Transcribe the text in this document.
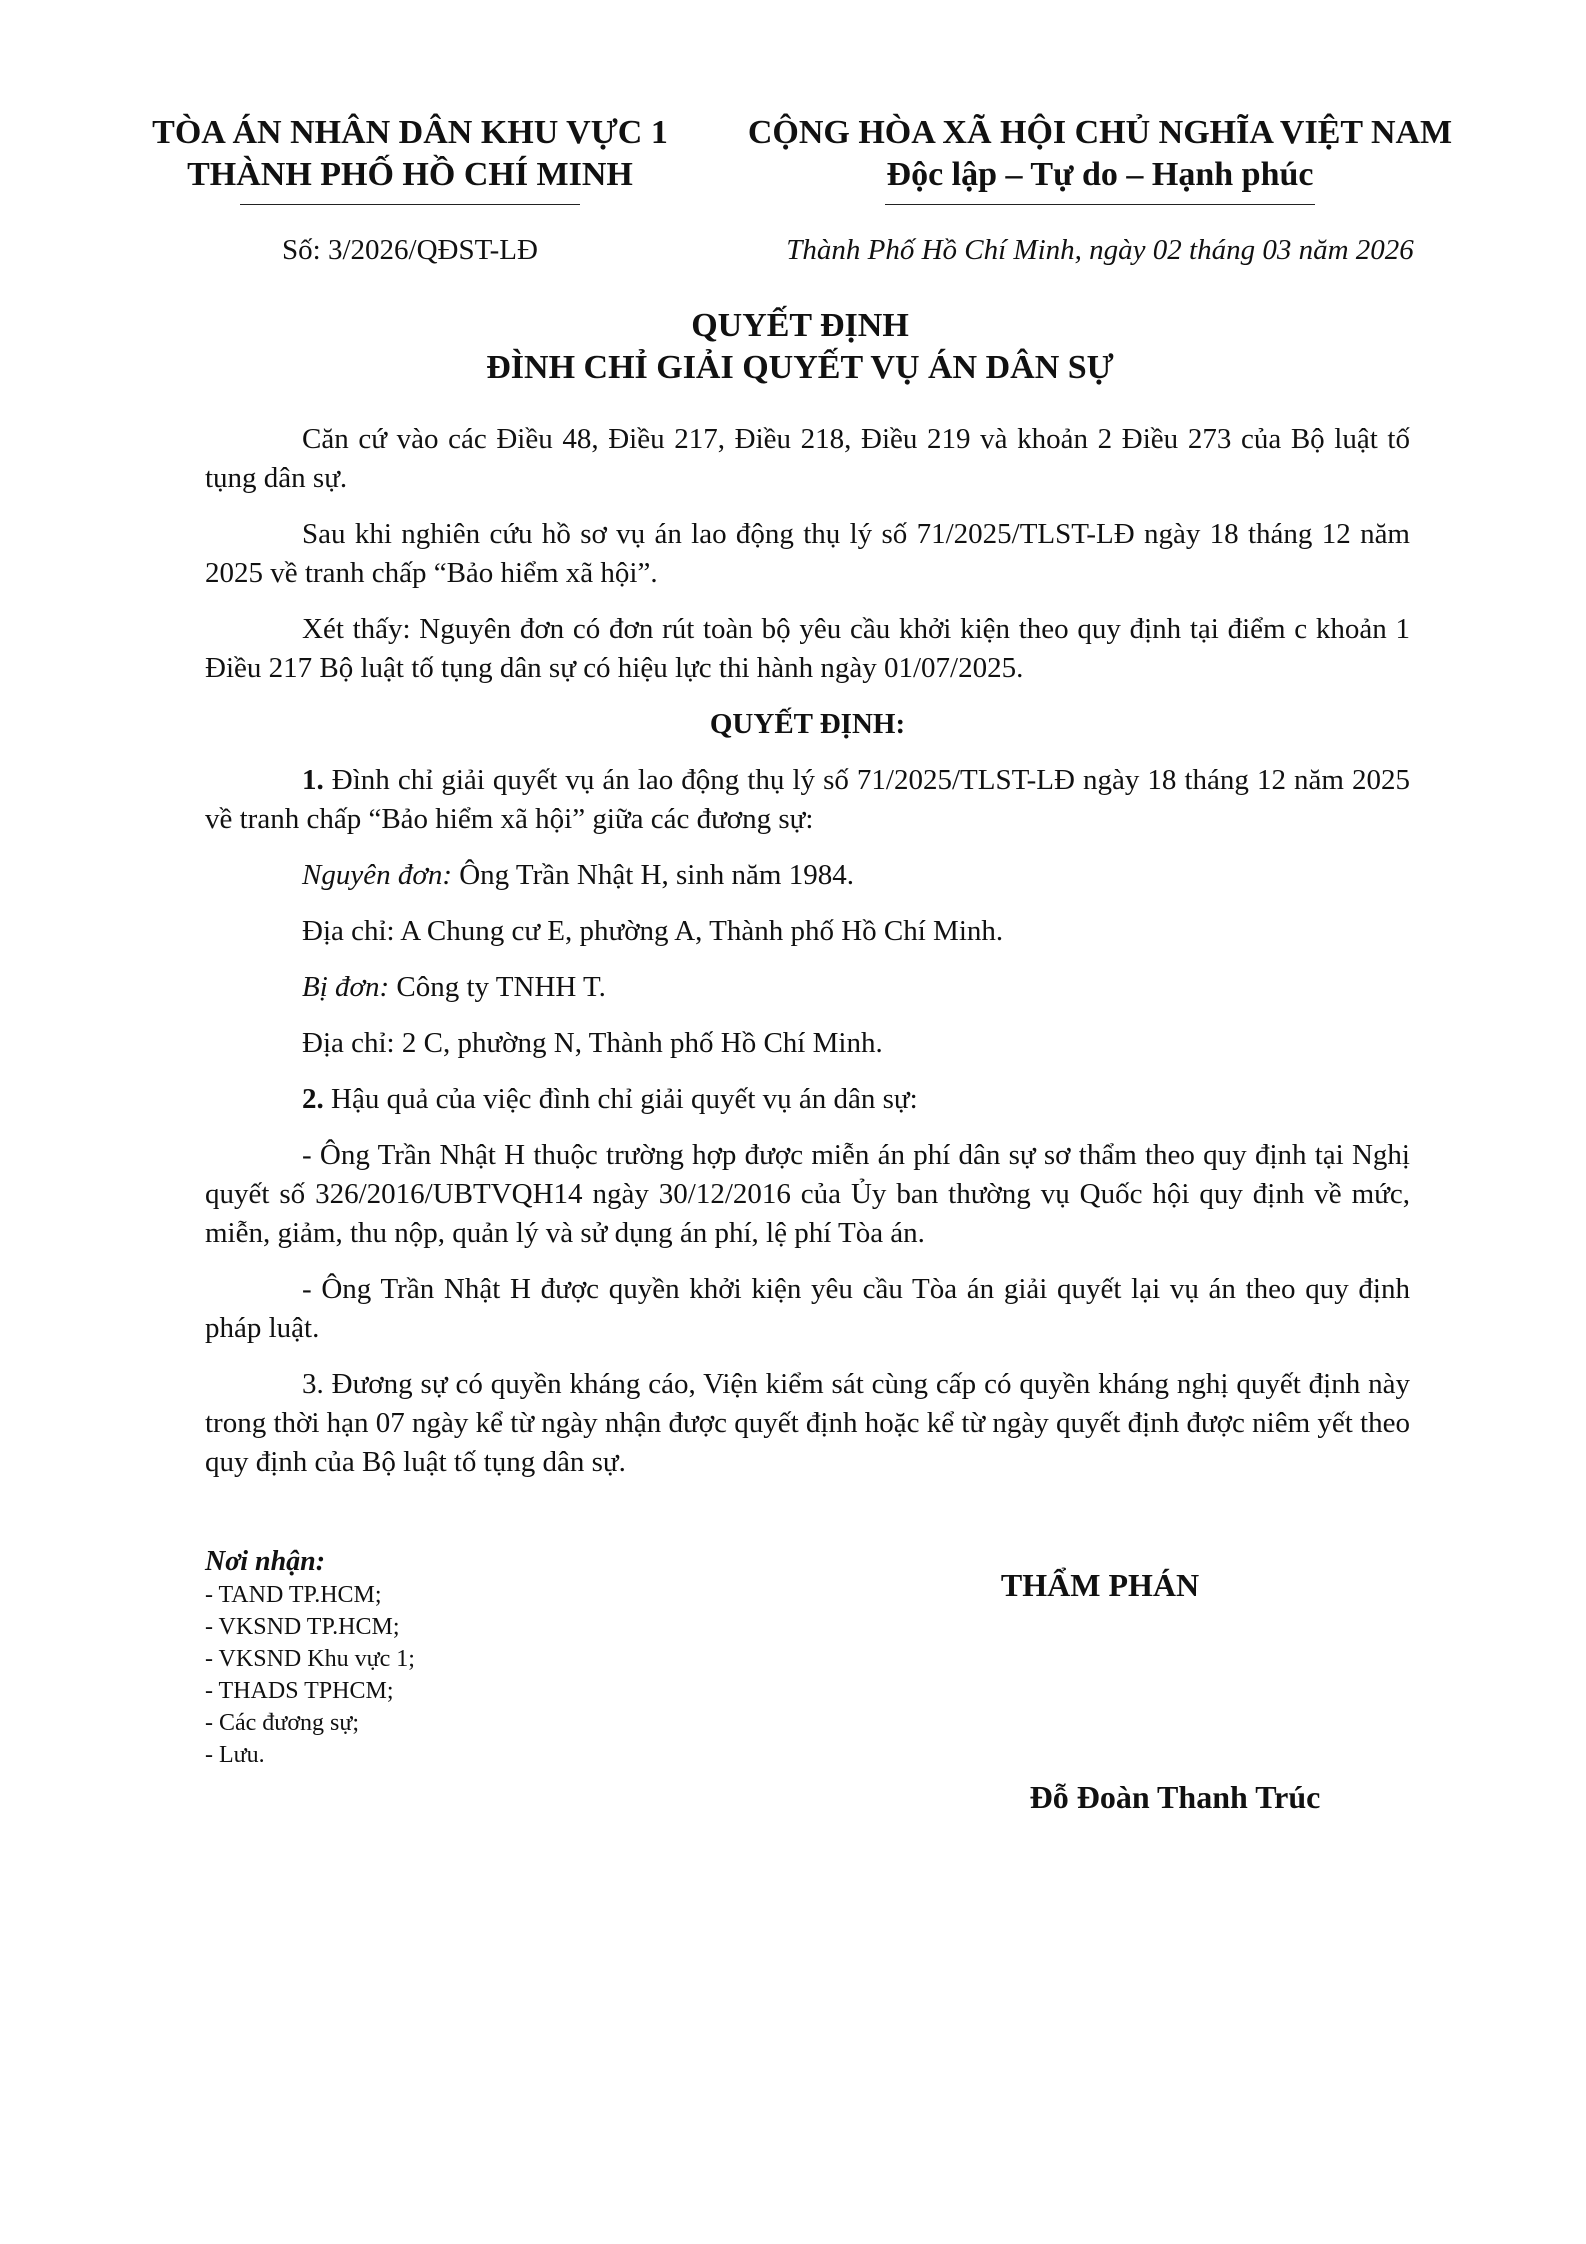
TÒA ÁN NHÂN DÂN KHU VỰC 1
THÀNH PHỐ HỒ CHÍ MINH
CỘNG HÒA XÃ HỘI CHỦ NGHĨA VIỆT NAM
Độc lập – Tự do – Hạnh phúc
Số: 3/2026/QĐST-LĐ	Thành Phố Hồ Chí Minh, ngày 02 tháng 03 năm 2026
QUYẾT ĐỊNH
ĐÌNH CHỈ GIẢI QUYẾT VỤ ÁN DÂN SỰ

Căn cứ vào các Điều 48, Điều 217, Điều 218, Điều 219 và khoản 2 Điều 273 của Bộ luật tố tụng dân sự.

Sau khi nghiên cứu hồ sơ vụ án lao động thụ lý số 71/2025/TLST-LĐ ngày 18 tháng 12 năm 2025 về tranh chấp “Bảo hiểm xã hội”.

Xét thấy: Nguyên đơn có đơn rút toàn bộ yêu cầu khởi kiện theo quy định tại điểm c khoản 1 Điều 217 Bộ luật tố tụng dân sự có hiệu lực thi hành ngày 01/07/2025.

QUYẾT ĐỊNH:

1. Đình chỉ giải quyết vụ án lao động thụ lý số 71/2025/TLST-LĐ ngày 18 tháng 12 năm 2025 về tranh chấp “Bảo hiểm xã hội” giữa các đương sự:

Nguyên đơn: Ông Trần Nhật H, sinh năm 1984.

Địa chỉ: A Chung cư E, phường A, Thành phố Hồ Chí Minh.

Bị đơn: Công ty TNHH T.

Địa chỉ: 2 C, phường N, Thành phố Hồ Chí Minh.

2. Hậu quả của việc đình chỉ giải quyết vụ án dân sự:

- Ông Trần Nhật H thuộc trường hợp được miễn án phí dân sự sơ thẩm theo quy định tại Nghị quyết số 326/2016/UBTVQH14 ngày 30/12/2016 của Ủy ban thường vụ Quốc hội quy định về mức, miễn, giảm, thu nộp, quản lý và sử dụng án phí, lệ phí Tòa án.

- Ông Trần Nhật H được quyền khởi kiện yêu cầu Tòa án giải quyết lại vụ án theo quy định pháp luật.

3. Đương sự có quyền kháng cáo, Viện kiểm sát cùng cấp có quyền kháng nghị quyết định này trong thời hạn 07 ngày kể từ ngày nhận được quyết định hoặc kể từ ngày quyết định được niêm yết theo quy định của Bộ luật tố tụng dân sự.

Nơi nhận:
- TAND TP.HCM;
- VKSND TP.HCM;
- VKSND Khu vực 1;
- THADS TPHCM;
- Các đương sự;
- Lưu.
THẨM PHÁN
Đỗ Đoàn Thanh Trúc
